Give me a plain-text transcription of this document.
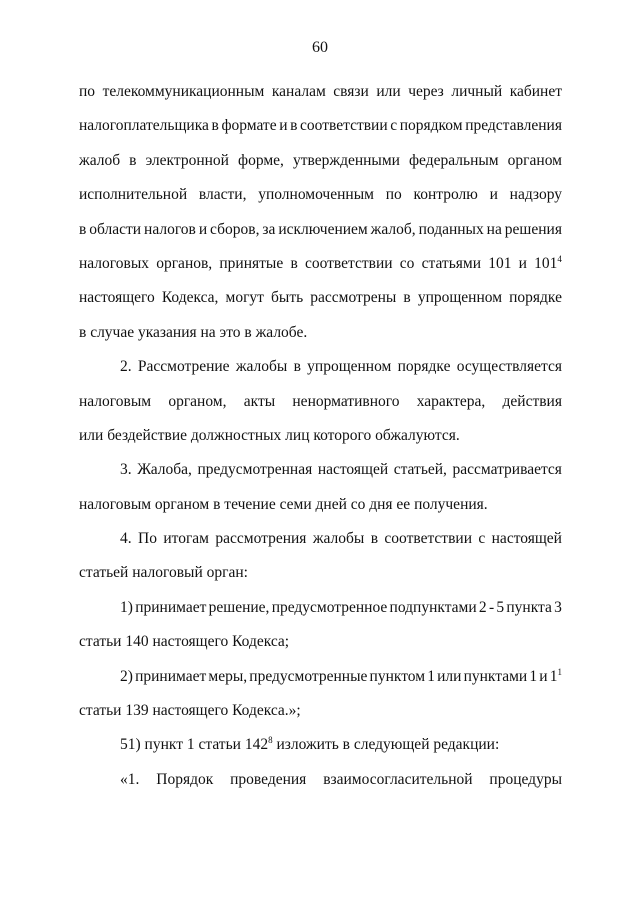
60
по телекоммуникационным каналам связи или через личный кабинет
налогоплательщика в формате и в соответствии с порядком представления
жалоб в электронной форме, утвержденными федеральным органом
исполнительной власти, уполномоченным по контролю и надзору
в области налогов и сборов, за исключением жалоб, поданных на решения
налоговых органов, принятые в соответствии со статьями 101 и $101^4$
настоящего Кодекса, могут быть рассмотрены в упрощенном порядке
в случае указания на это в жалобе.
2. Рассмотрение жалобы в упрощенном порядке осуществляется
налоговым органом, акты ненормативного характера, действия
или бездействие должностных лиц которого обжалуются.
3. Жалоба, предусмотренная настоящей статьей, рассматривается
налоговым органом в течение семи дней со дня ее получения.
4. По итогам рассмотрения жалобы в соответствии с настоящей
статьей налоговый орган:
1) принимает решение, предусмотренное подпунктами 2 - 5 пункта 3
статьи 140 настоящего Кодекса;
2) принимает меры, предусмотренные пунктом 1 или пунктами 1 и $1^1$
статьи 139 настоящего Кодекса.»;
51) пункт 1 статьи $142^8$ изложить в следующей редакции:
«1. Порядок проведения взаимосогласительной процедуры
